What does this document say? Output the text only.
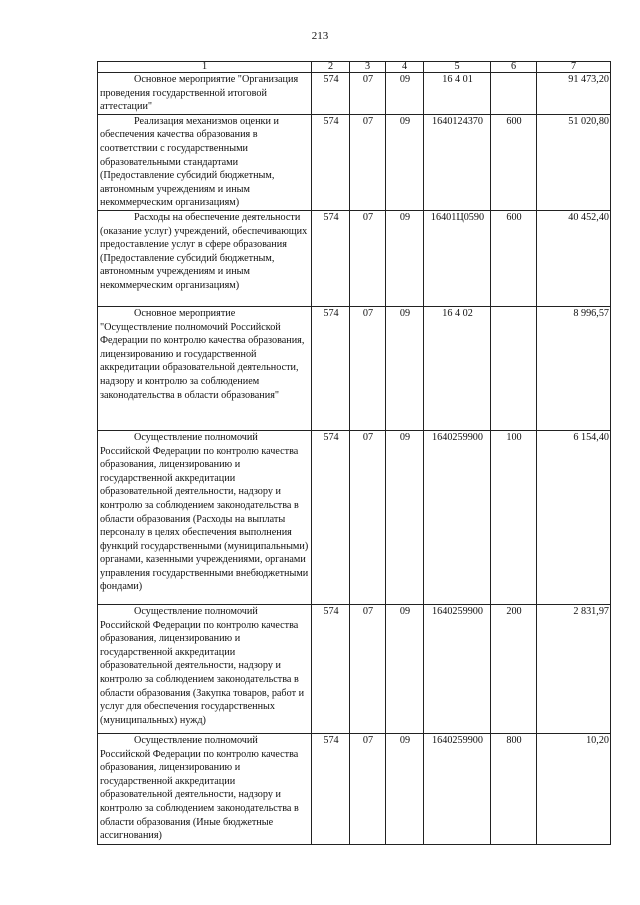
213
1	2	3	4	5	6	7

Основное мероприятие "Организация проведения государственной итоговой аттестации"	574	07	09	16 4 01		91 473,20

Реализация механизмов оценки и обеспечения качества образования в соответствии с государственными образовательными стандартами (Предоставление субсидий бюджетным, автономным учреждениям и иным некоммерческим организациям)	574	07	09	1640124370	600	51 020,80

Расходы на обеспечение деятельности (оказание услуг) учреждений, обеспечивающих предоставление услуг в сфере образования (Предоставление субсидий бюджетным, автономным учреждениям и иным некоммерческим организациям)	574	07	09	16401Ц0590	600	40 452,40

Основное мероприятие "Осуществление полномочий Российской Федерации по контролю качества образования, лицензированию и государственной аккредитации образовательной деятельности, надзору и контролю за соблюдением законодательства в области образования"	574	07	09	16 4 02		8 996,57

Осуществление полномочий Российской Федерации по контролю качества образования, лицензированию и государственной аккредитации образовательной деятельности, надзору и контролю за соблюдением законодательства в области образования (Расходы на выплаты персоналу в целях обеспечения выполнения функций государственными (муниципальными) органами, казенными учреждениями, органами управления государственными внебюджетными фондами)	574	07	09	1640259900	100	6 154,40

Осуществление полномочий Российской Федерации по контролю качества образования, лицензированию и государственной аккредитации образовательной деятельности, надзору и контролю за соблюдением законодательства в области образования (Закупка товаров, работ и услуг для обеспечения государственных (муниципальных) нужд)	574	07	09	1640259900	200	2 831,97

Осуществление полномочий Российской Федерации по контролю качества образования, лицензированию и государственной аккредитации образовательной деятельности, надзору и контролю за соблюдением законодательства в области образования (Иные бюджетные ассигнования)	574	07	09	1640259900	800	10,20
